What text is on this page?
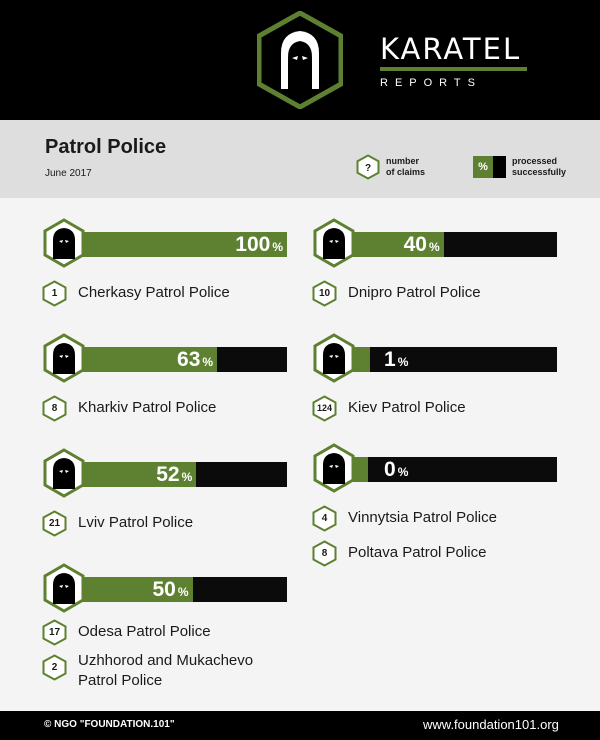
KARATEL
REPORTS
Patrol Police
June 2017	?
number
of claims	%	processed
successfully
100 %
1	Cherkasy Patrol Police
63 %
8	Kharkiv Patrol Police
52 %
21	Lviv Patrol Police
50 %
17	Odesa Patrol Police
2	Uzhhorod and Mukachevo
Patrol Police
40 %
10	Dnipro Patrol Police
1 %
124	Kiev Patrol Police
0 %
4	Vinnytsia Patrol Police
8	Poltava Patrol Police
© NGO "FOUNDATION.101"	www.foundation101.org
